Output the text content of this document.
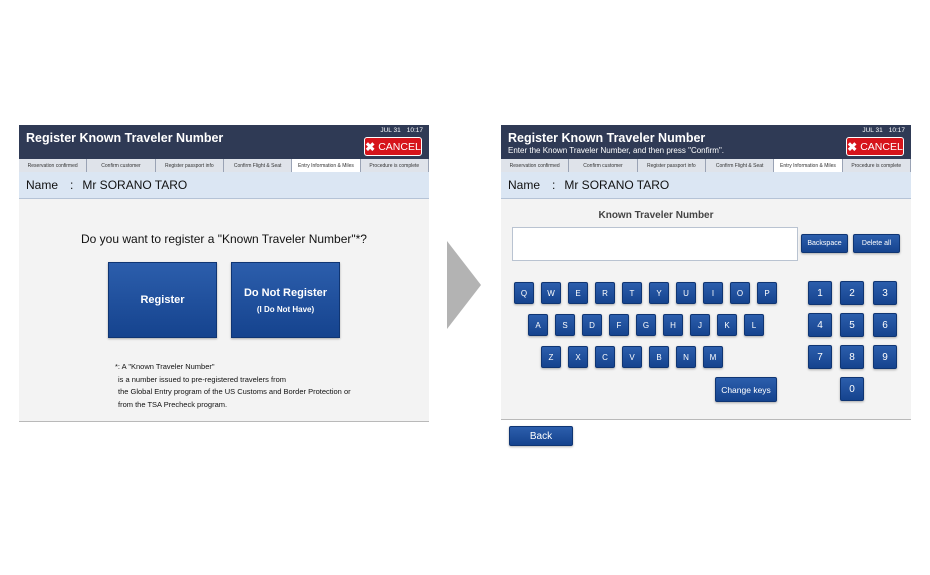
Register Known Traveler Number
JUL 31 10:17
✖ CANCEL
Reservation confirmed	Confirm customer	Register passport info	Confirm Flight & Seat	Entry Information & Miles	Procedure is complete
Name : Mr SORANO TARO
Do you want to register a "Known Traveler Number"*?
Register
Do Not Register
(I Do Not Have)
*: A "Known Traveler Number"
is a number issued to pre-registered travelers from
the Global Entry program of the US Customs and Border Protection or
from the TSA Precheck program.
Register Known Traveler Number
Enter the Known Traveler Number, and then press "Confirm".
JUL 31 10:17
✖ CANCEL
Reservation confirmed	Confirm customer	Register passport info	Confirm Flight & Seat	Entry Information & Miles	Procedure is complete
Name : Mr SORANO TARO
Known Traveler Number
Backspace	Delete all
Q	W	E	R	T	Y	U	I	O	P
A	S	D	F	G	H	J	K	L
Z	X	C	V	B	N	M
Change keys
1	2	3
4	5	6
7	8	9
0
Back
